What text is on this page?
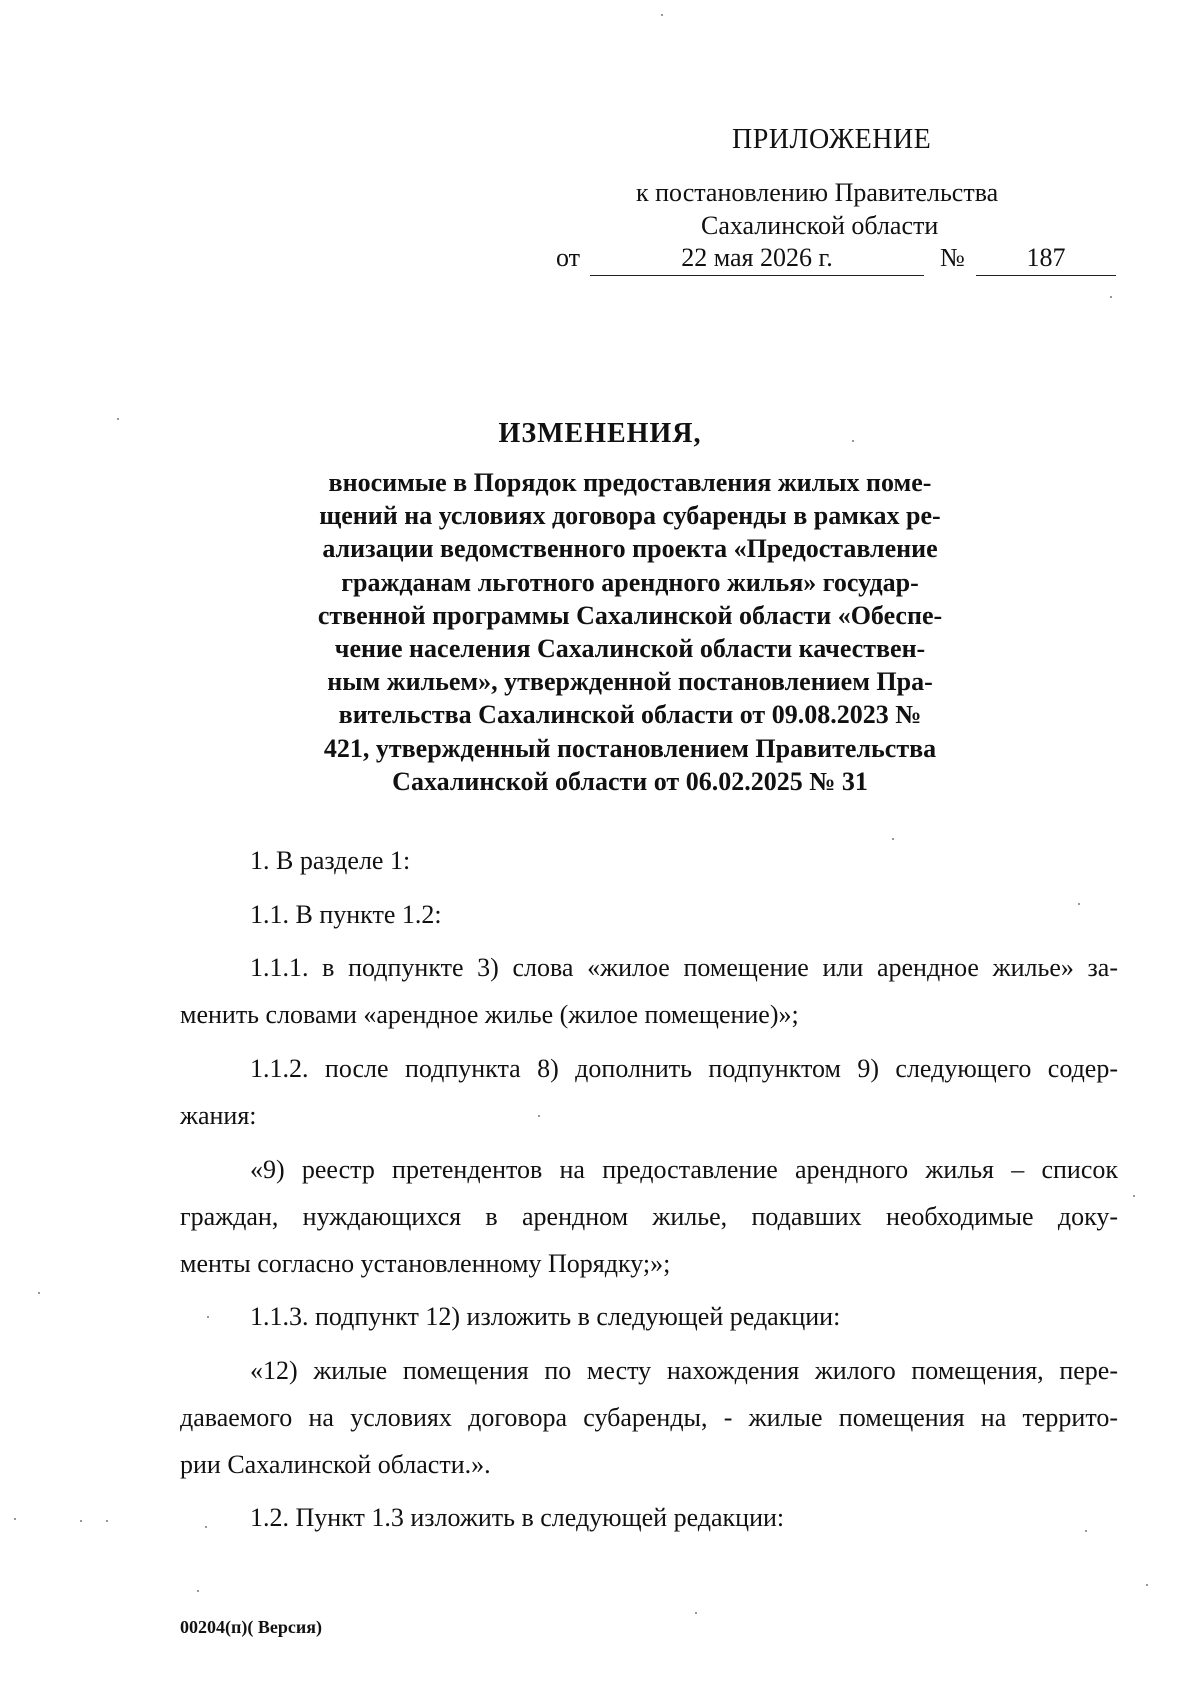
ПРИЛОЖЕНИЕ
к постановлению Правительства
Сахалинской области
от	22 мая 2026 г.	№	187
ИЗМЕНЕНИЯ,
вносимые в Порядок предоставления жилых поме-
щений на условиях договора субаренды в рамках ре-
ализации ведомственного проекта «Предоставление
гражданам льготного арендного жилья» государ-
ственной программы Сахалинской области «Обеспе-
чение населения Сахалинской области качествен-
ным жильем», утвержденной постановлением Пра-
вительства Сахалинской области от 09.08.2023 №
421, утвержденный постановлением Правительства
Сахалинской области от 06.02.2025 № 31
1. В разделе 1:
1.1. В пункте 1.2:
1.1.1. в подпункте 3) слова «жилое помещение или арендное жилье» за-
менить словами «арендное жилье (жилое помещение)»;
1.1.2. после подпункта 8) дополнить подпунктом 9) следующего содер-
жания:
«9) реестр претендентов на предоставление арендного жилья – список
граждан, нуждающихся в арендном жилье, подавших необходимые доку-
менты согласно установленному Порядку;»;
1.1.3. подпункт 12) изложить в следующей редакции:
«12) жилые помещения по месту нахождения жилого помещения, пере-
даваемого на условиях договора субаренды, - жилые помещения на террито-
рии Сахалинской области.».
1.2. Пункт 1.3 изложить в следующей редакции:
00204(п)( Версия)
